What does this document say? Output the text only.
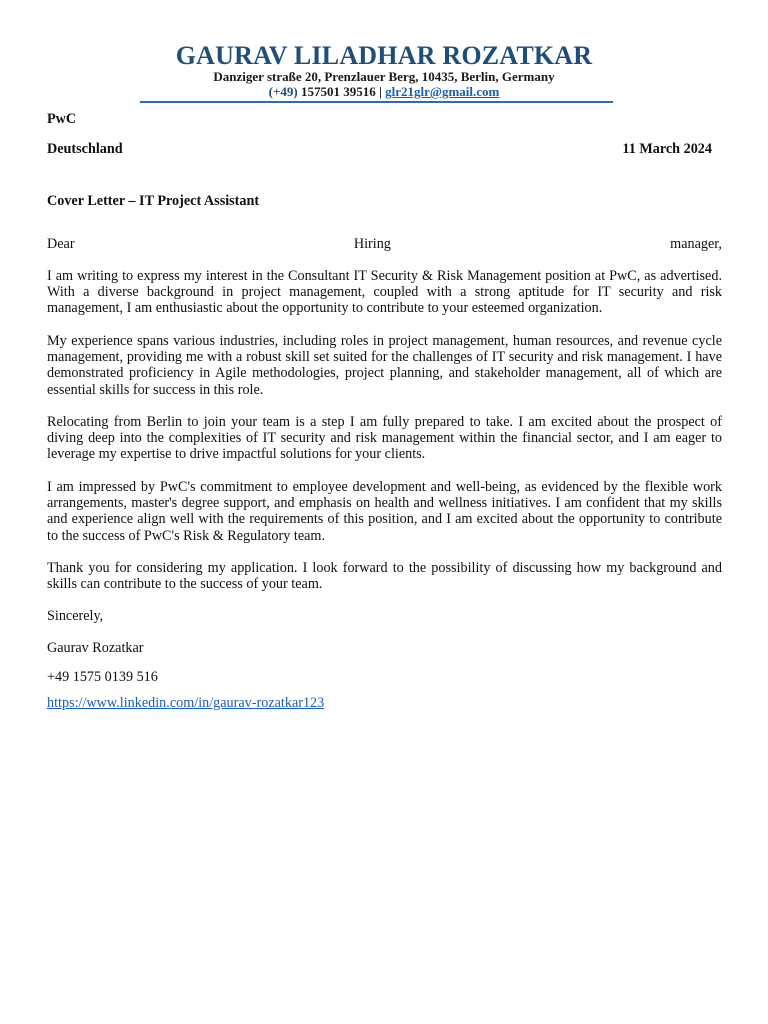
GAURAV LILADHAR ROZATKAR
Danziger straße 20, Prenzlauer Berg, 10435, Berlin, Germany
(+49) 157501 39516 | glr21glr@gmail.com
PwC
Deutschland	11 March 2024
Cover Letter – IT Project Assistant
Dear	Hiring	manager,

I am writing to express my interest in the Consultant IT Security & Risk Management position at PwC, as advertised. With a diverse background in project management, coupled with a strong aptitude for IT security and risk management, I am enthusiastic about the opportunity to contribute to your esteemed organization.

My experience spans various industries, including roles in project management, human resources, and revenue cycle management, providing me with a robust skill set suited for the challenges of IT security and risk management. I have demonstrated proficiency in Agile methodologies, project planning, and stakeholder management, all of which are essential skills for success in this role.

Relocating from Berlin to join your team is a step I am fully prepared to take. I am excited about the prospect of diving deep into the complexities of IT security and risk management within the financial sector, and I am eager to leverage my expertise to drive impactful solutions for your clients.

I am impressed by PwC's commitment to employee development and well-being, as evidenced by the flexible work arrangements, master's degree support, and emphasis on health and wellness initiatives. I am confident that my skills and experience align well with the requirements of this position, and I am excited about the opportunity to contribute to the success of PwC's Risk & Regulatory team.

Thank you for considering my application. I look forward to the possibility of discussing how my background and skills can contribute to the success of your team.

Sincerely,
Gaurav Rozatkar
+49 1575 0139 516
https://www.linkedin.com/in/gaurav-rozatkar123
